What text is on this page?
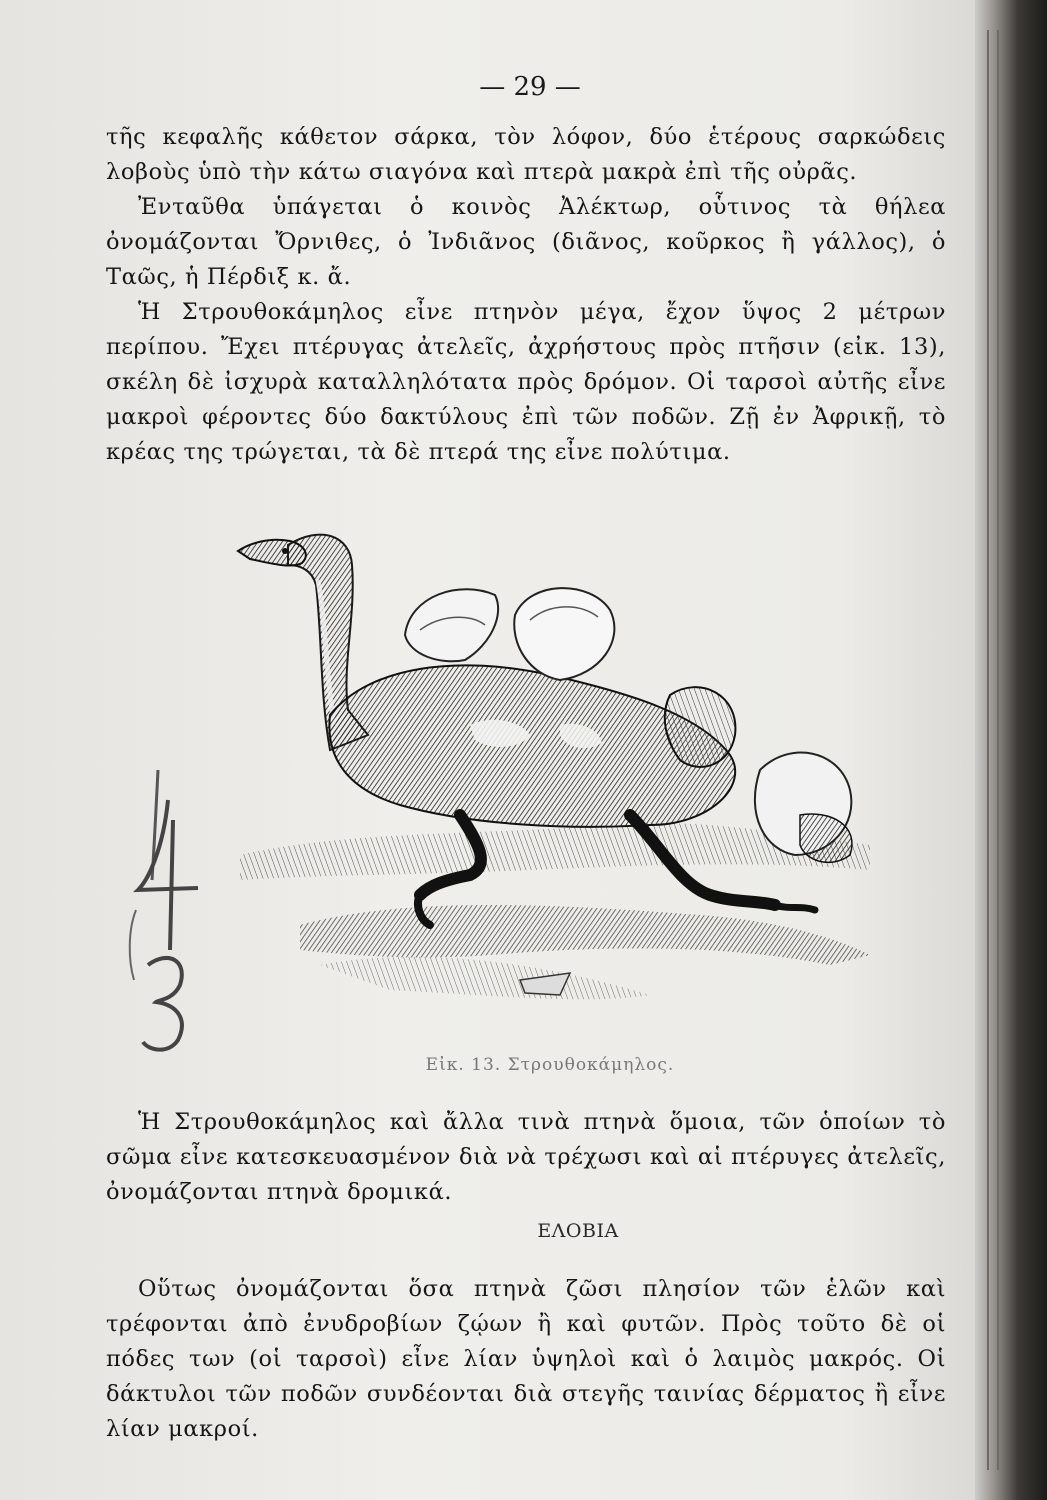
— 29 —

τῆς κεφαλῆς κάθετον σάρκα, τὸν λόφον, δύο ἑτέρους σαρκώδεις λοβοὺς ὑπὸ τὴν κάτω σιαγόνα καὶ πτερὰ μακρὰ ἐπὶ τῆς οὐρᾶς.

Ἐνταῦθα ὑπάγεται ὁ κοινὸς Ἀλέκτωρ, οὗτινος τὰ θήλεα ὀνομάζονται Ὄρνιθες, ὁ Ἰνδιᾶνος (διᾶνος, κοῦρκος ἢ γάλλος), ὁ Ταῶς, ἡ Πέρδιξ κ. ἄ.

Ἡ Στρουθοκάμηλος εἶνε πτηνὸν μέγα, ἔχον ὕψος 2 μέτρων περίπου. Ἔχει πτέρυγας ἀτελεῖς, ἀχρήστους πρὸς πτῆσιν (εἰκ. 13), σκέλη δὲ ἰσχυρὰ καταλληλότατα πρὸς δρόμον. Οἱ ταρσοὶ αὐτῆς εἶνε μακροὶ φέροντες δύο δακτύλους ἐπὶ τῶν ποδῶν. Ζῇ ἐν Ἀφρικῇ, τὸ κρέας της τρώγεται, τὰ δὲ πτερά της εἶνε πολύτιμα.

Εἰκ. 13. Στρουθοκάμηλος.

Ἡ Στρουθοκάμηλος καὶ ἄλλα τινὰ πτηνὰ ὅμοια, τῶν ὁποίων τὸ σῶμα εἶνε κατεσκευασμένον διὰ νὰ τρέχωσι καὶ αἱ πτέρυγες ἀτελεῖς, ὀνομάζονται πτηνὰ δρομικά.

ΕΛΟΒΙΑ

Οὕτως ὀνομάζονται ὅσα πτηνὰ ζῶσι πλησίον τῶν ἑλῶν καὶ τρέφονται ἀπὸ ἐνυδροβίων ζῴων ἢ καὶ φυτῶν. Πρὸς τοῦτο δὲ οἱ πόδες των (οἱ ταρσοὶ) εἶνε λίαν ὑψηλοὶ καὶ ὁ λαιμὸς μακρός. Οἱ δάκτυλοι τῶν ποδῶν συνδέονται διὰ στεγῆς ταινίας δέρματος ἢ εἶνε λίαν μακροί.
